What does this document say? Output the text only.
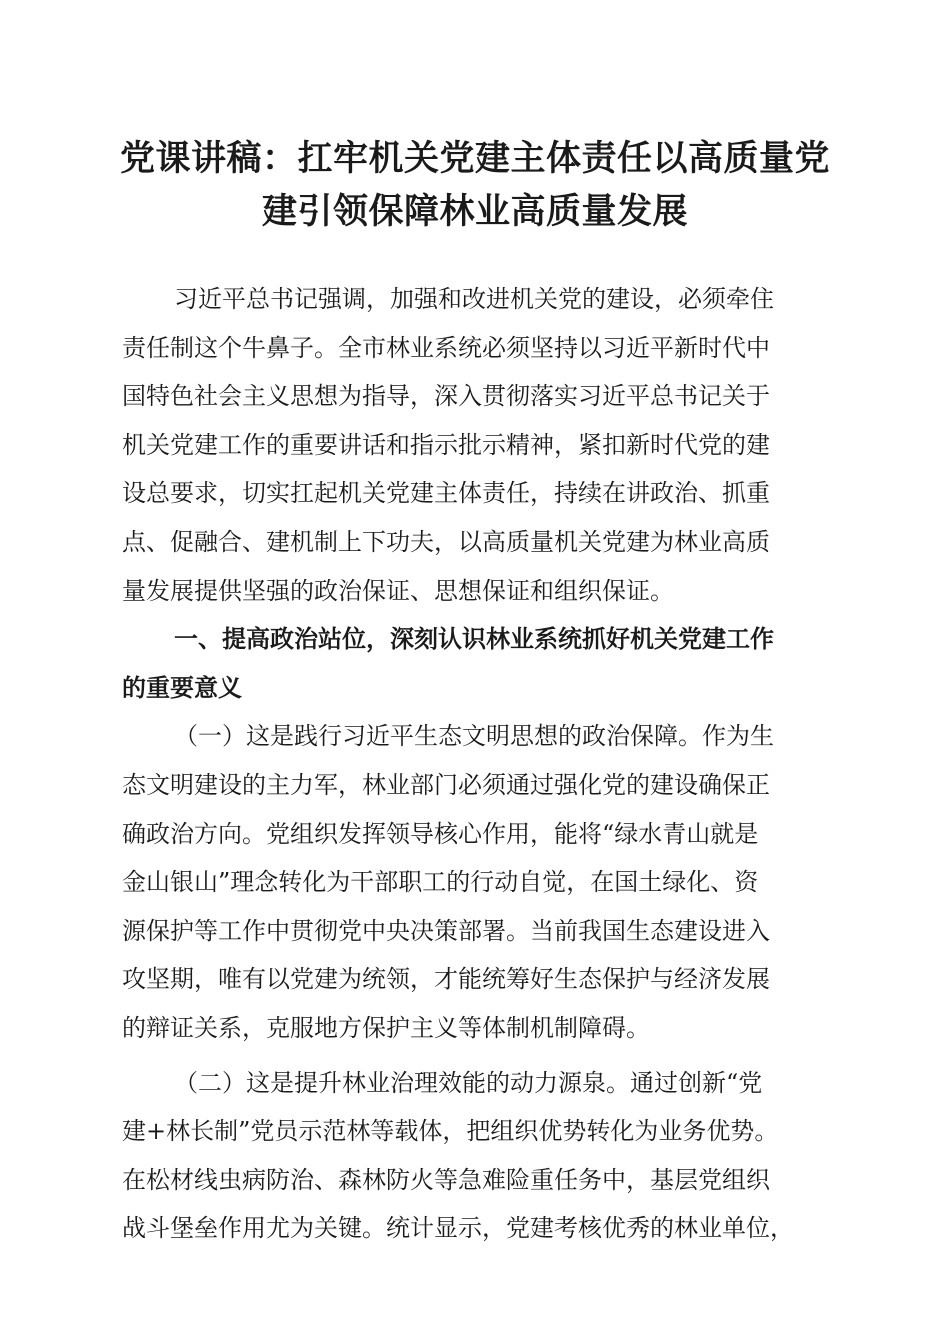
党课讲稿：扛牢机关党建主体责任以高质量党
建引领保障林业高质量发展
习近平总书记强调，加强和改进机关党的建设，必须牵住
责任制这个牛鼻子。全市林业系统必须坚持以习近平新时代中
国特色社会主义思想为指导，深入贯彻落实习近平总书记关于
机关党建工作的重要讲话和指示批示精神，紧扣新时代党的建
设总要求，切实扛起机关党建主体责任，持续在讲政治、抓重
点、促融合、建机制上下功夫，以高质量机关党建为林业高质
量发展提供坚强的政治保证、思想保证和组织保证。
一、提高政治站位，深刻认识林业系统抓好机关党建工作
的重要意义
（一）这是践行习近平生态文明思想的政治保障。作为生
态文明建设的主力军，林业部门必须通过强化党的建设确保正
确政治方向。党组织发挥领导核心作用，能将“绿水青山就是
金山银山”理念转化为干部职工的行动自觉，在国土绿化、资
源保护等工作中贯彻党中央决策部署。当前我国生态建设进入
攻坚期，唯有以党建为统领，才能统筹好生态保护与经济发展
的辩证关系，克服地方保护主义等体制机制障碍。
（二）这是提升林业治理效能的动力源泉。通过创新“党
建+林长制”党员示范林等载体，把组织优势转化为业务优势。
在松材线虫病防治、森林防火等急难险重任务中，基层党组织
战斗堡垒作用尤为关键。统计显示，党建考核优秀的林业单位，
